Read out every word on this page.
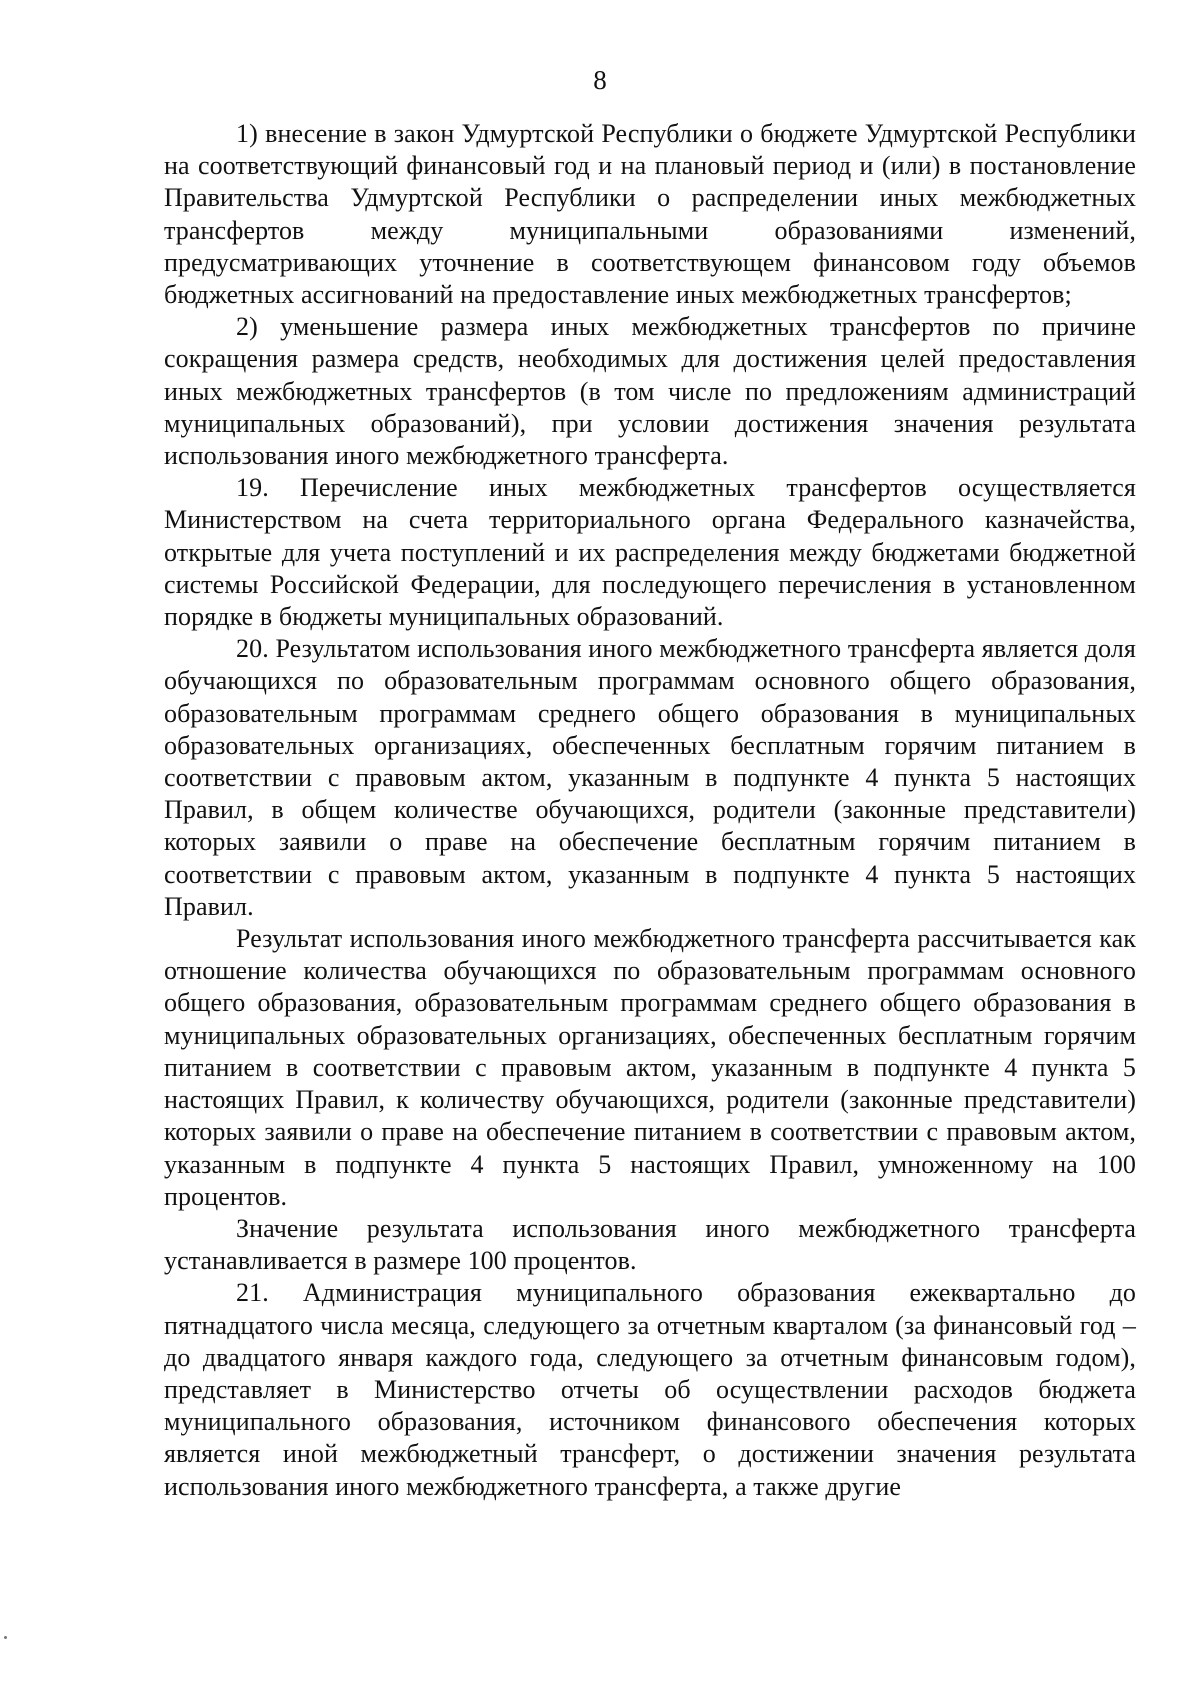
8

1) внесение в закон Удмуртской Республики о бюджете Удмуртской Республики на соответствующий финансовый год и на плановый период и (или) в постановление Правительства Удмуртской Республики о распределении иных межбюджетных трансфертов между муниципальными образованиями изменений, предусматривающих уточнение в соответствующем финансовом году объемов бюджетных ассигнований на предоставление иных межбюджетных трансфертов;

2) уменьшение размера иных межбюджетных трансфертов по причине сокращения размера средств, необходимых для достижения целей предоставления иных межбюджетных трансфертов (в том числе по предложениям администраций муниципальных образований), при условии достижения значения результата использования иного межбюджетного трансферта.

19. Перечисление иных межбюджетных трансфертов осуществляется Министерством на счета территориального органа Федерального казначейства, открытые для учета поступлений и их распределения между бюджетами бюджетной системы Российской Федерации, для последующего перечисления в установленном порядке в бюджеты муниципальных образований.

20. Результатом использования иного межбюджетного трансферта является доля обучающихся по образовательным программам основного общего образования, образовательным программам среднего общего образования в муниципальных образовательных организациях, обеспеченных бесплатным горячим питанием в соответствии с правовым актом, указанным в подпункте 4 пункта 5 настоящих Правил, в общем количестве обучающихся, родители (законные представители) которых заявили о праве на обеспечение бесплатным горячим питанием в соответствии с правовым актом, указанным в подпункте 4 пункта 5 настоящих Правил.

Результат использования иного межбюджетного трансферта рассчитывается как отношение количества обучающихся по образовательным программам основного общего образования, образовательным программам среднего общего образования в муниципальных образовательных организациях, обеспеченных бесплатным горячим питанием в соответствии с правовым актом, указанным в подпункте 4 пункта 5 настоящих Правил, к количеству обучающихся, родители (законные представители) которых заявили о праве на обеспечение питанием в соответствии с правовым актом, указанным в подпункте 4 пункта 5 настоящих Правил, умноженному на 100 процентов.

Значение результата использования иного межбюджетного трансферта устанавливается в размере 100 процентов.

21. Администрация муниципального образования ежеквартально до пятнадцатого числа месяца, следующего за отчетным кварталом (за финансовый год – до двадцатого января каждого года, следующего за отчетным финансовым годом), представляет в Министерство отчеты об осуществлении расходов бюджета муниципального образования, источником финансового обеспечения которых является иной межбюджетный трансферт, о достижении значения результата использования иного межбюджетного трансферта, а также другие
